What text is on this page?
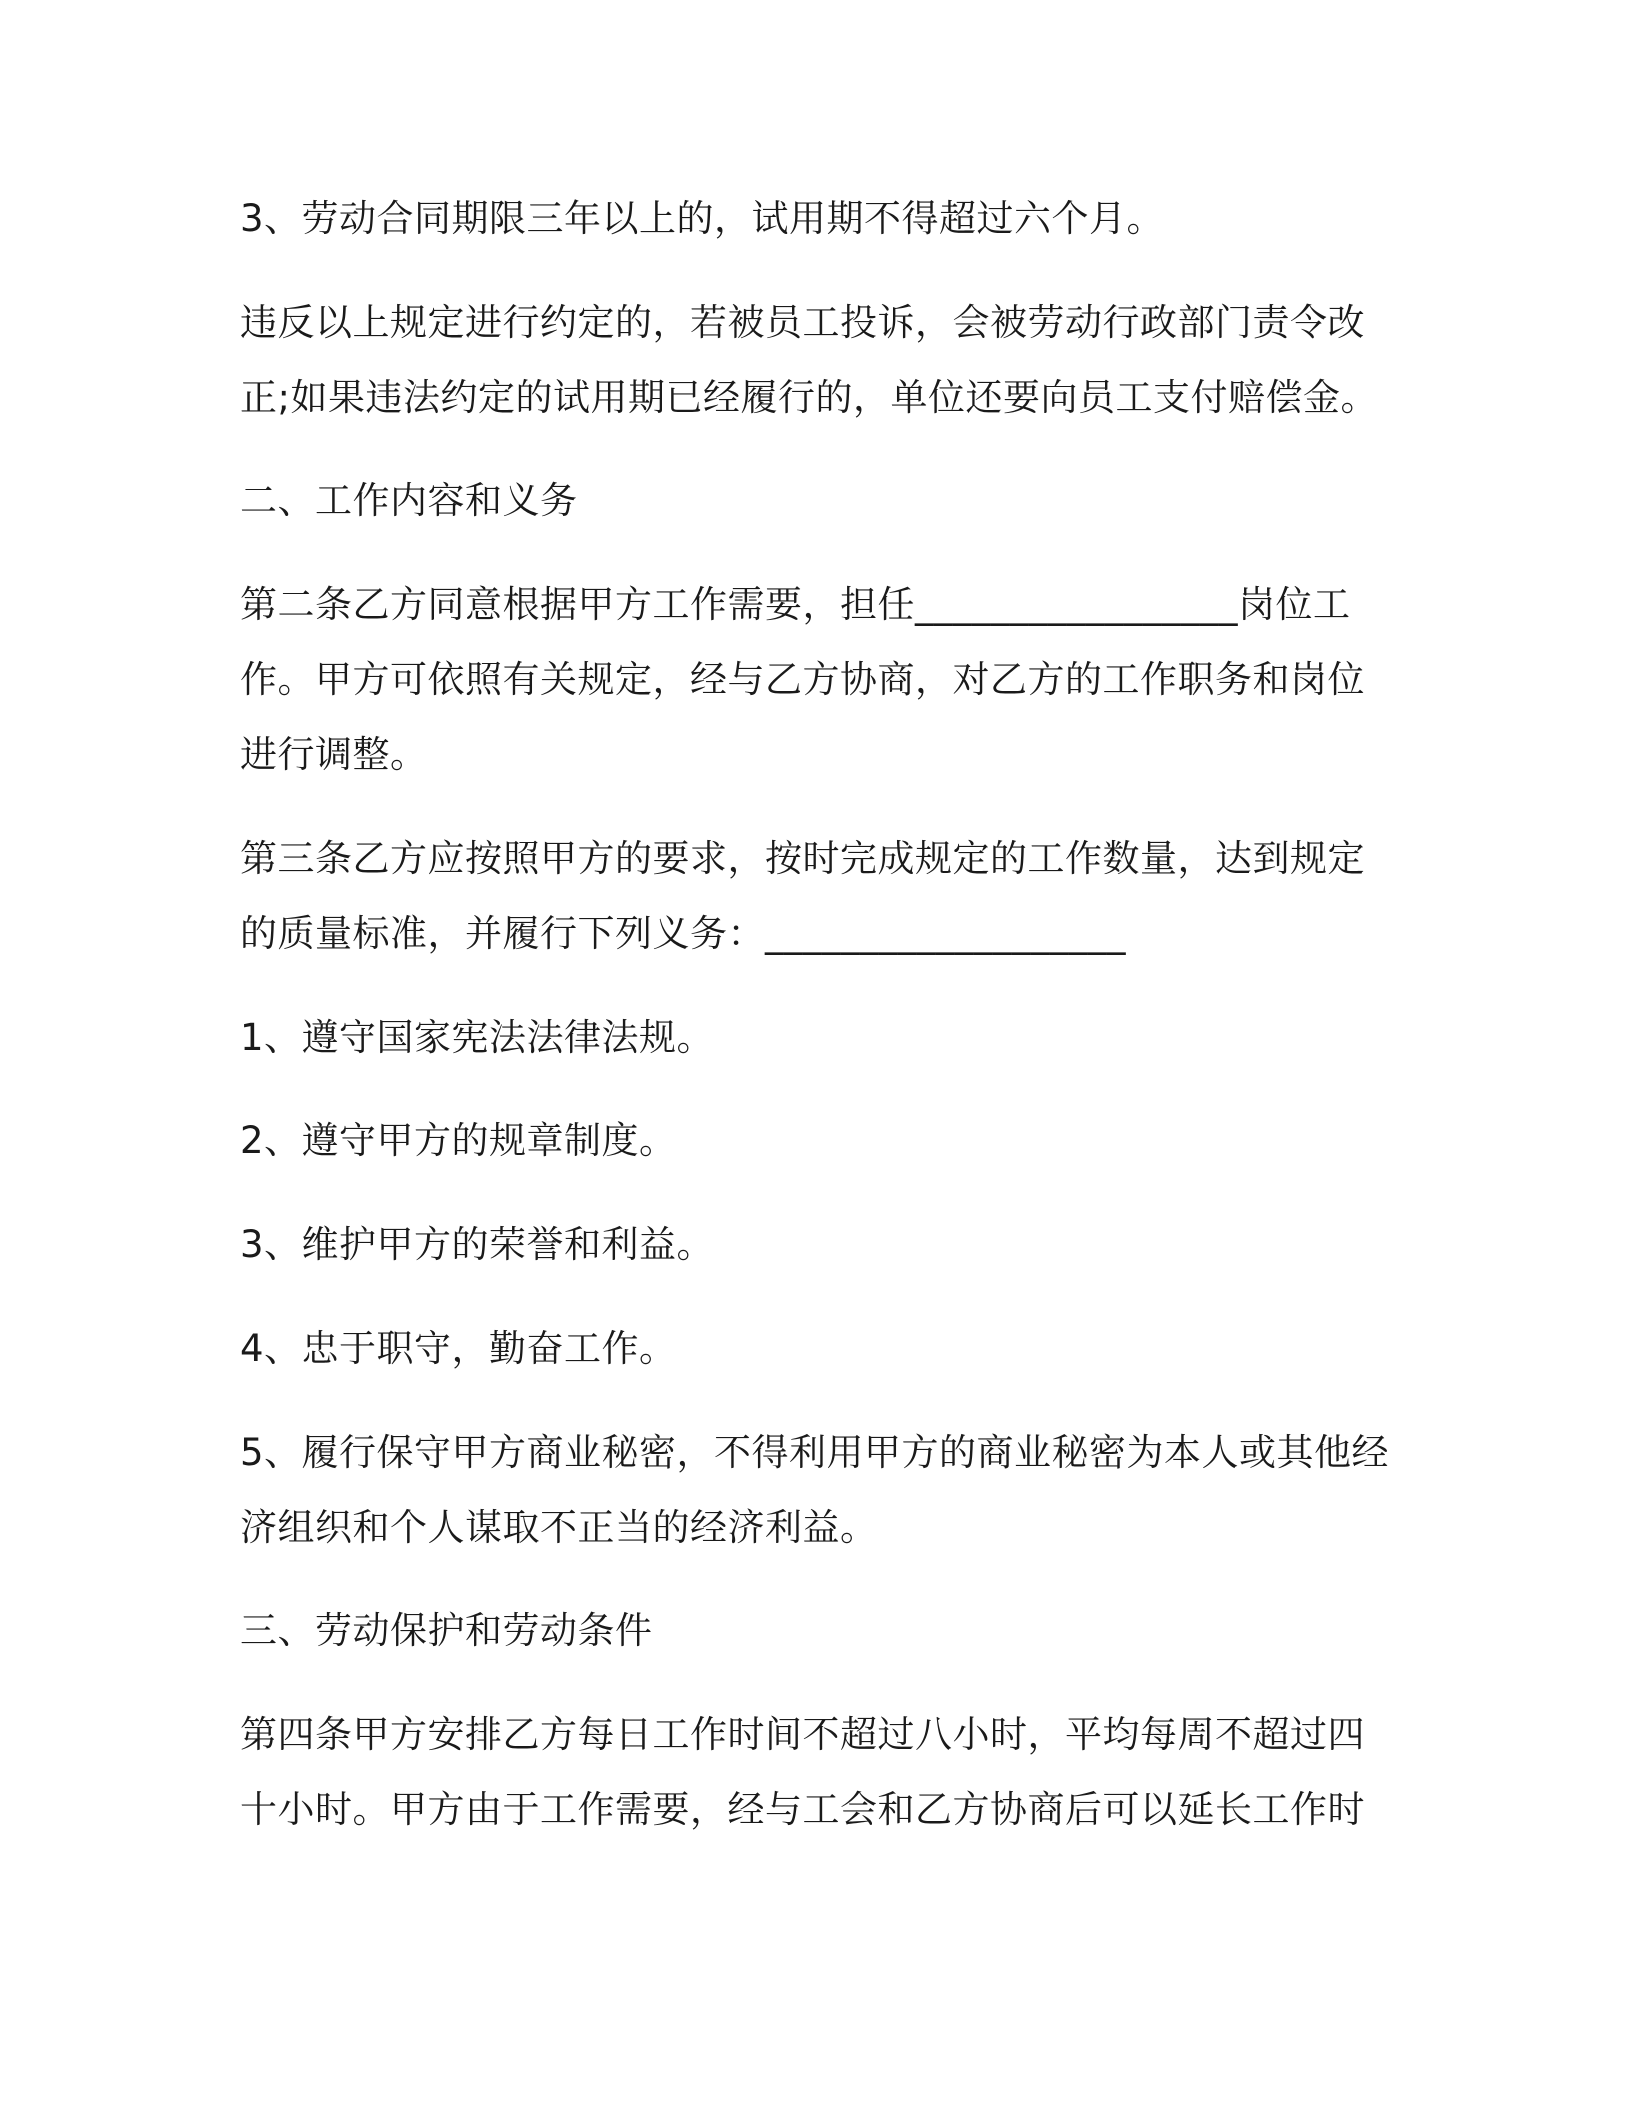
3、劳动合同期限三年以上的，试用期不得超过六个月。
违反以上规定进行约定的，若被员工投诉，会被劳动行政部门责令改
正;如果违法约定的试用期已经履行的，单位还要向员工支付赔偿金。
二、工作内容和义务
第二条乙方同意根据甲方工作需要，担任_________________岗位工
作。甲方可依照有关规定，经与乙方协商，对乙方的工作职务和岗位
进行调整。
第三条乙方应按照甲方的要求，按时完成规定的工作数量，达到规定
的质量标准，并履行下列义务：___________________
1、遵守国家宪法法律法规。
2、遵守甲方的规章制度。
3、维护甲方的荣誉和利益。
4、忠于职守，勤奋工作。
5、履行保守甲方商业秘密，不得利用甲方的商业秘密为本人或其他经
济组织和个人谋取不正当的经济利益。
三、劳动保护和劳动条件
第四条甲方安排乙方每日工作时间不超过八小时，平均每周不超过四
十小时。甲方由于工作需要，经与工会和乙方协商后可以延长工作时
